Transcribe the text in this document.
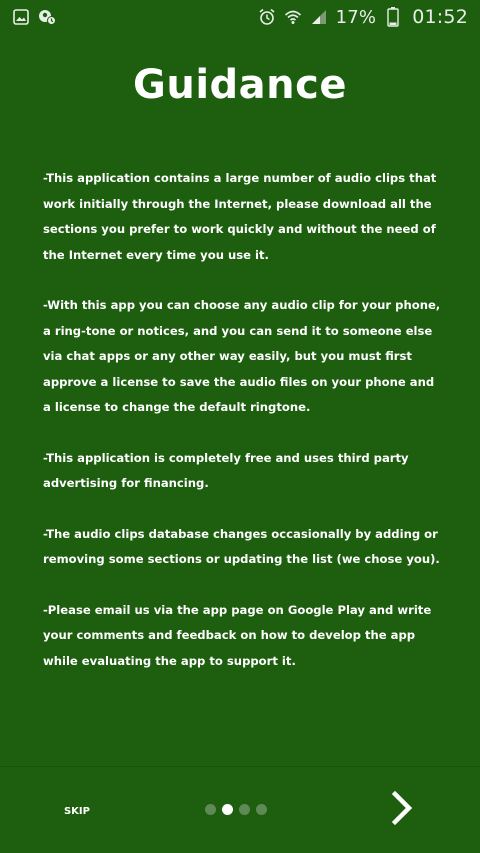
17% 01:52
Guidance

-This application contains a large number of audio clips that work initially through the Internet, please download all the sections you prefer to work quickly and without the need of the Internet every time you use it.

-With this app you can choose any audio clip for your phone, a ring-tone or notices, and you can send it to someone else via chat apps or any other way easily, but you must first approve a license to save the audio files on your phone and a license to change the default ringtone.

-This application is completely free and uses third party advertising for financing.

-The audio clips database changes occasionally by adding or removing some sections or updating the list (we chose you).

-Please email us via the app page on Google Play and write your comments and feedback on how to develop the app while evaluating the app to support it.

SKIP
